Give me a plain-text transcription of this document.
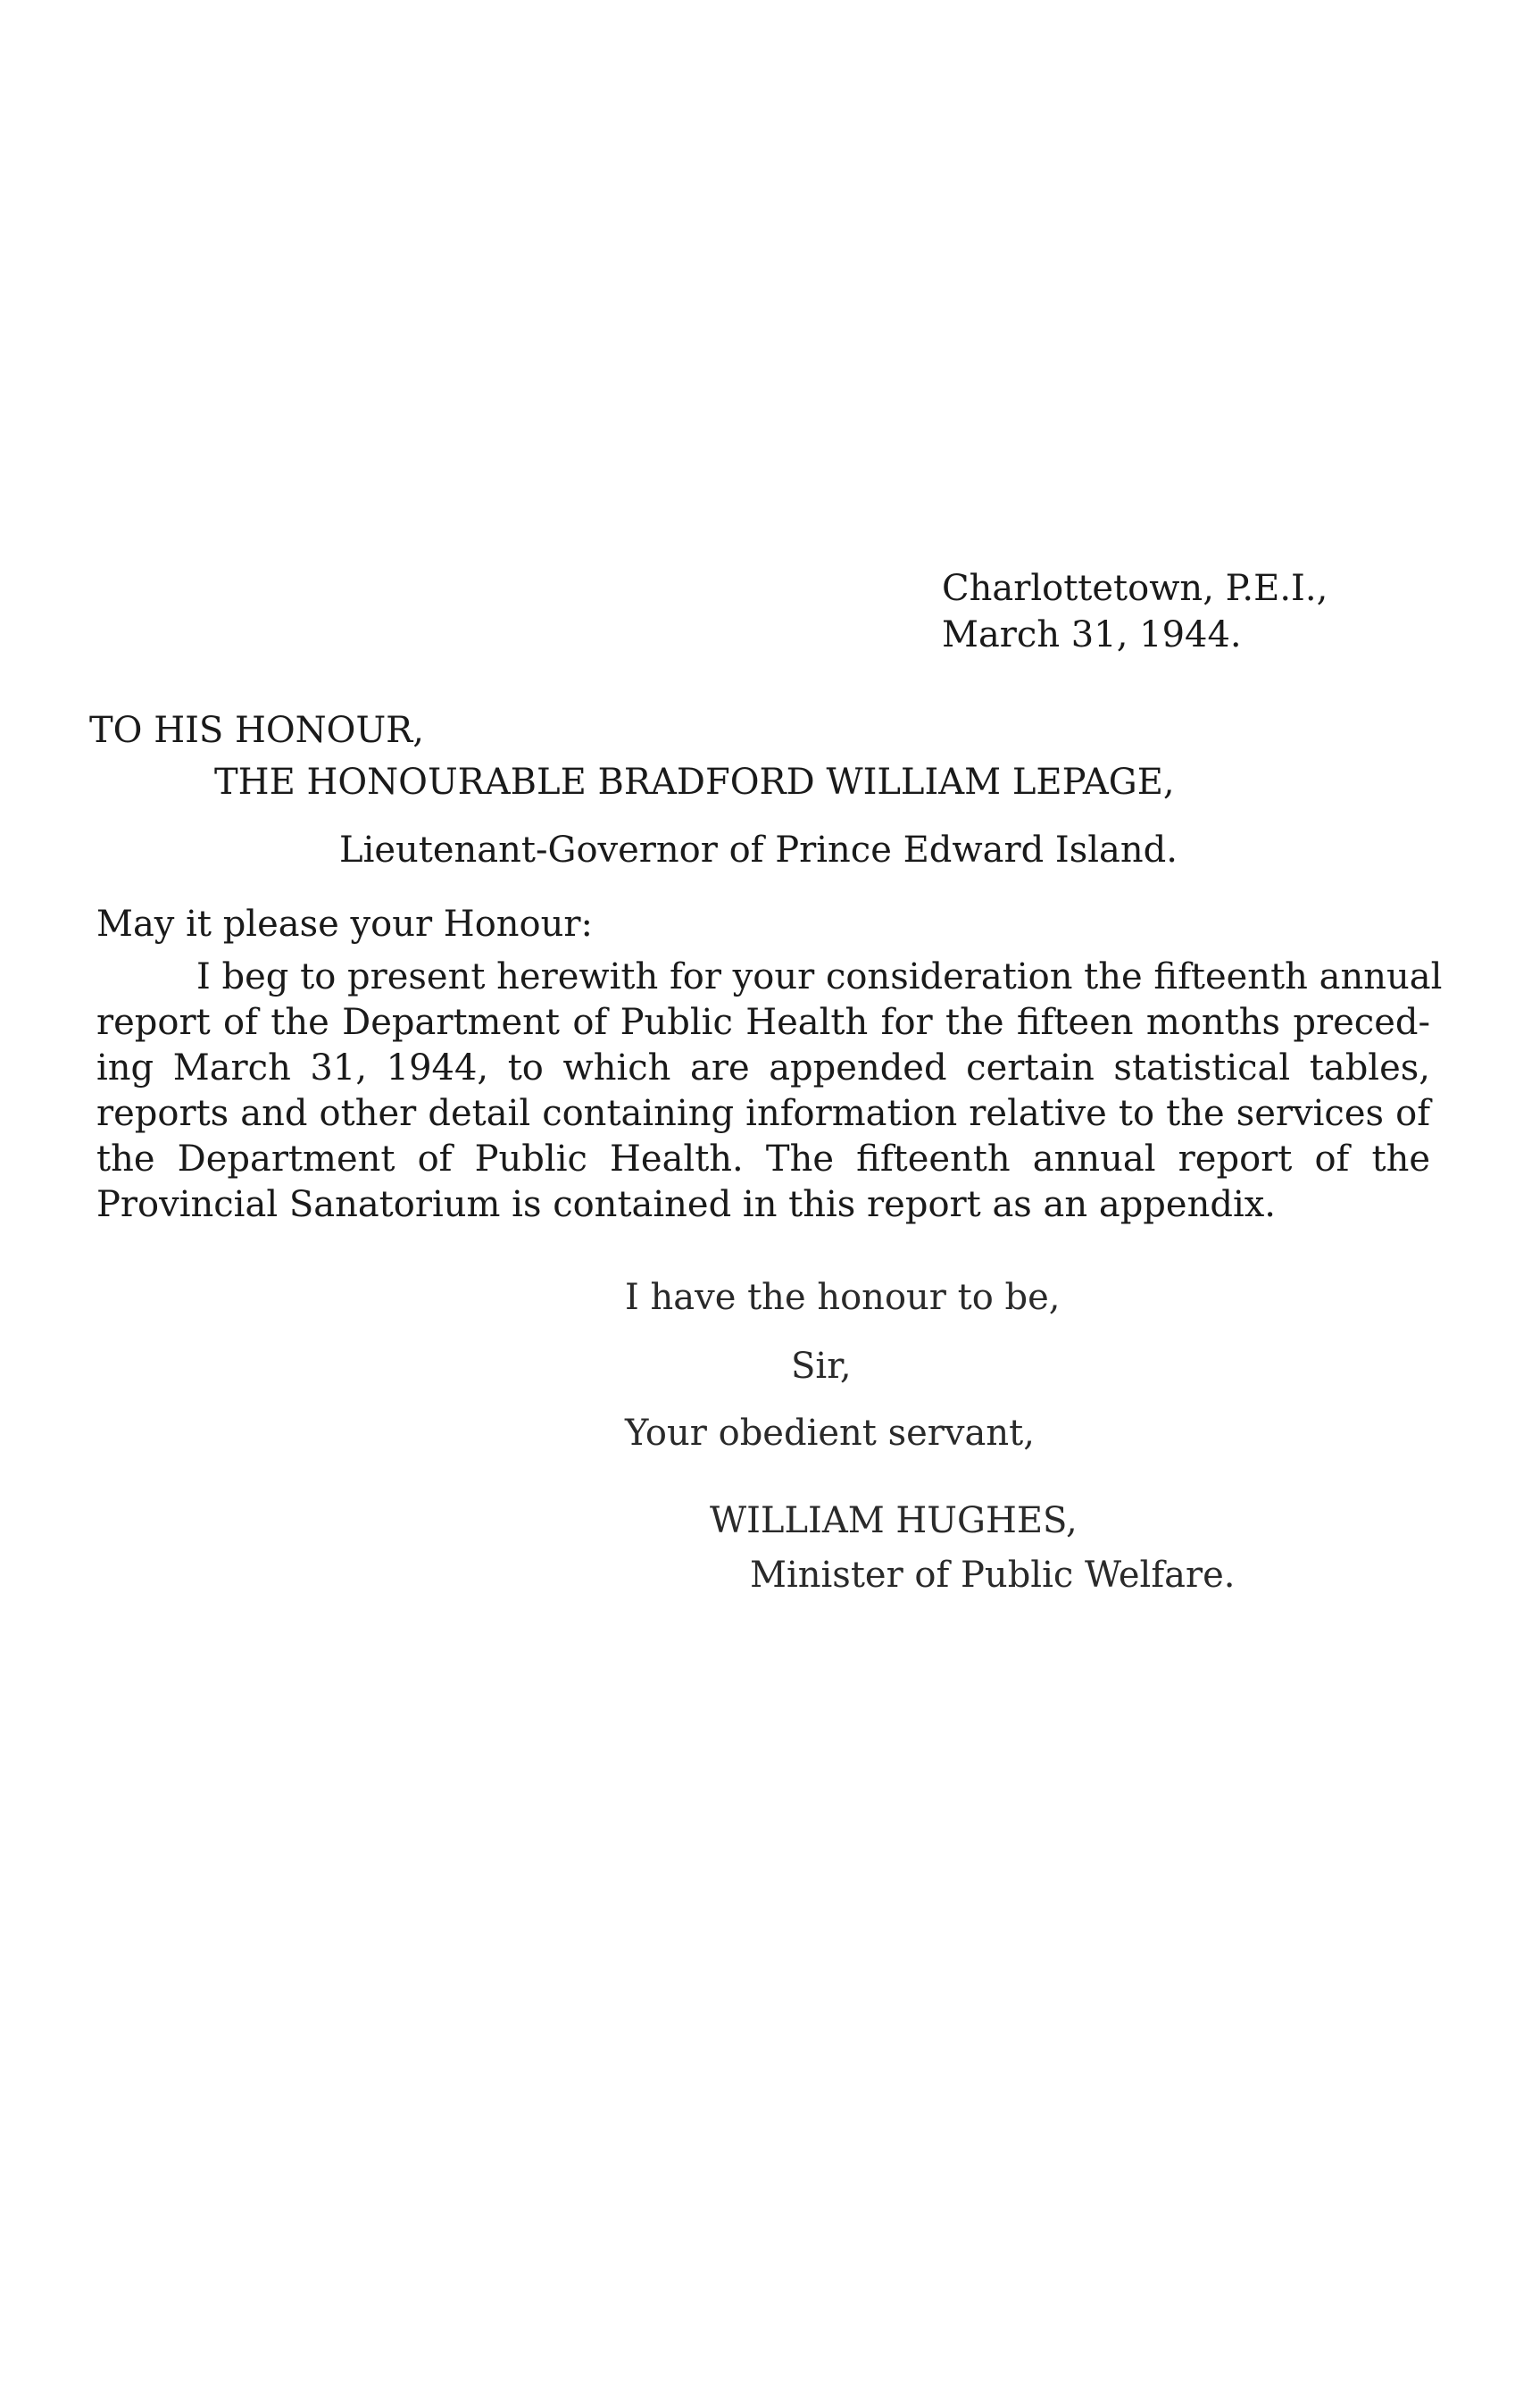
Charlottetown, P.E.I.,
March 31, 1944.
TO HIS HONOUR,
THE HONOURABLE BRADFORD WILLIAM LEPAGE,
Lieutenant-Governor of Prince Edward Island.
May it please your Honour:
I beg to present herewith for your consideration the fifteenth annual
report of the Department of Public Health for the fifteen months preced-
ing March 31, 1944, to which are appended certain statistical tables,
reports and other detail containing information relative to the services of
the Department of Public Health. The fifteenth annual report of the
Provincial Sanatorium is contained in this report as an appendix.
I have the honour to be,
Sir,
Your obedient servant,
WILLIAM HUGHES,
Minister of Public Welfare.
